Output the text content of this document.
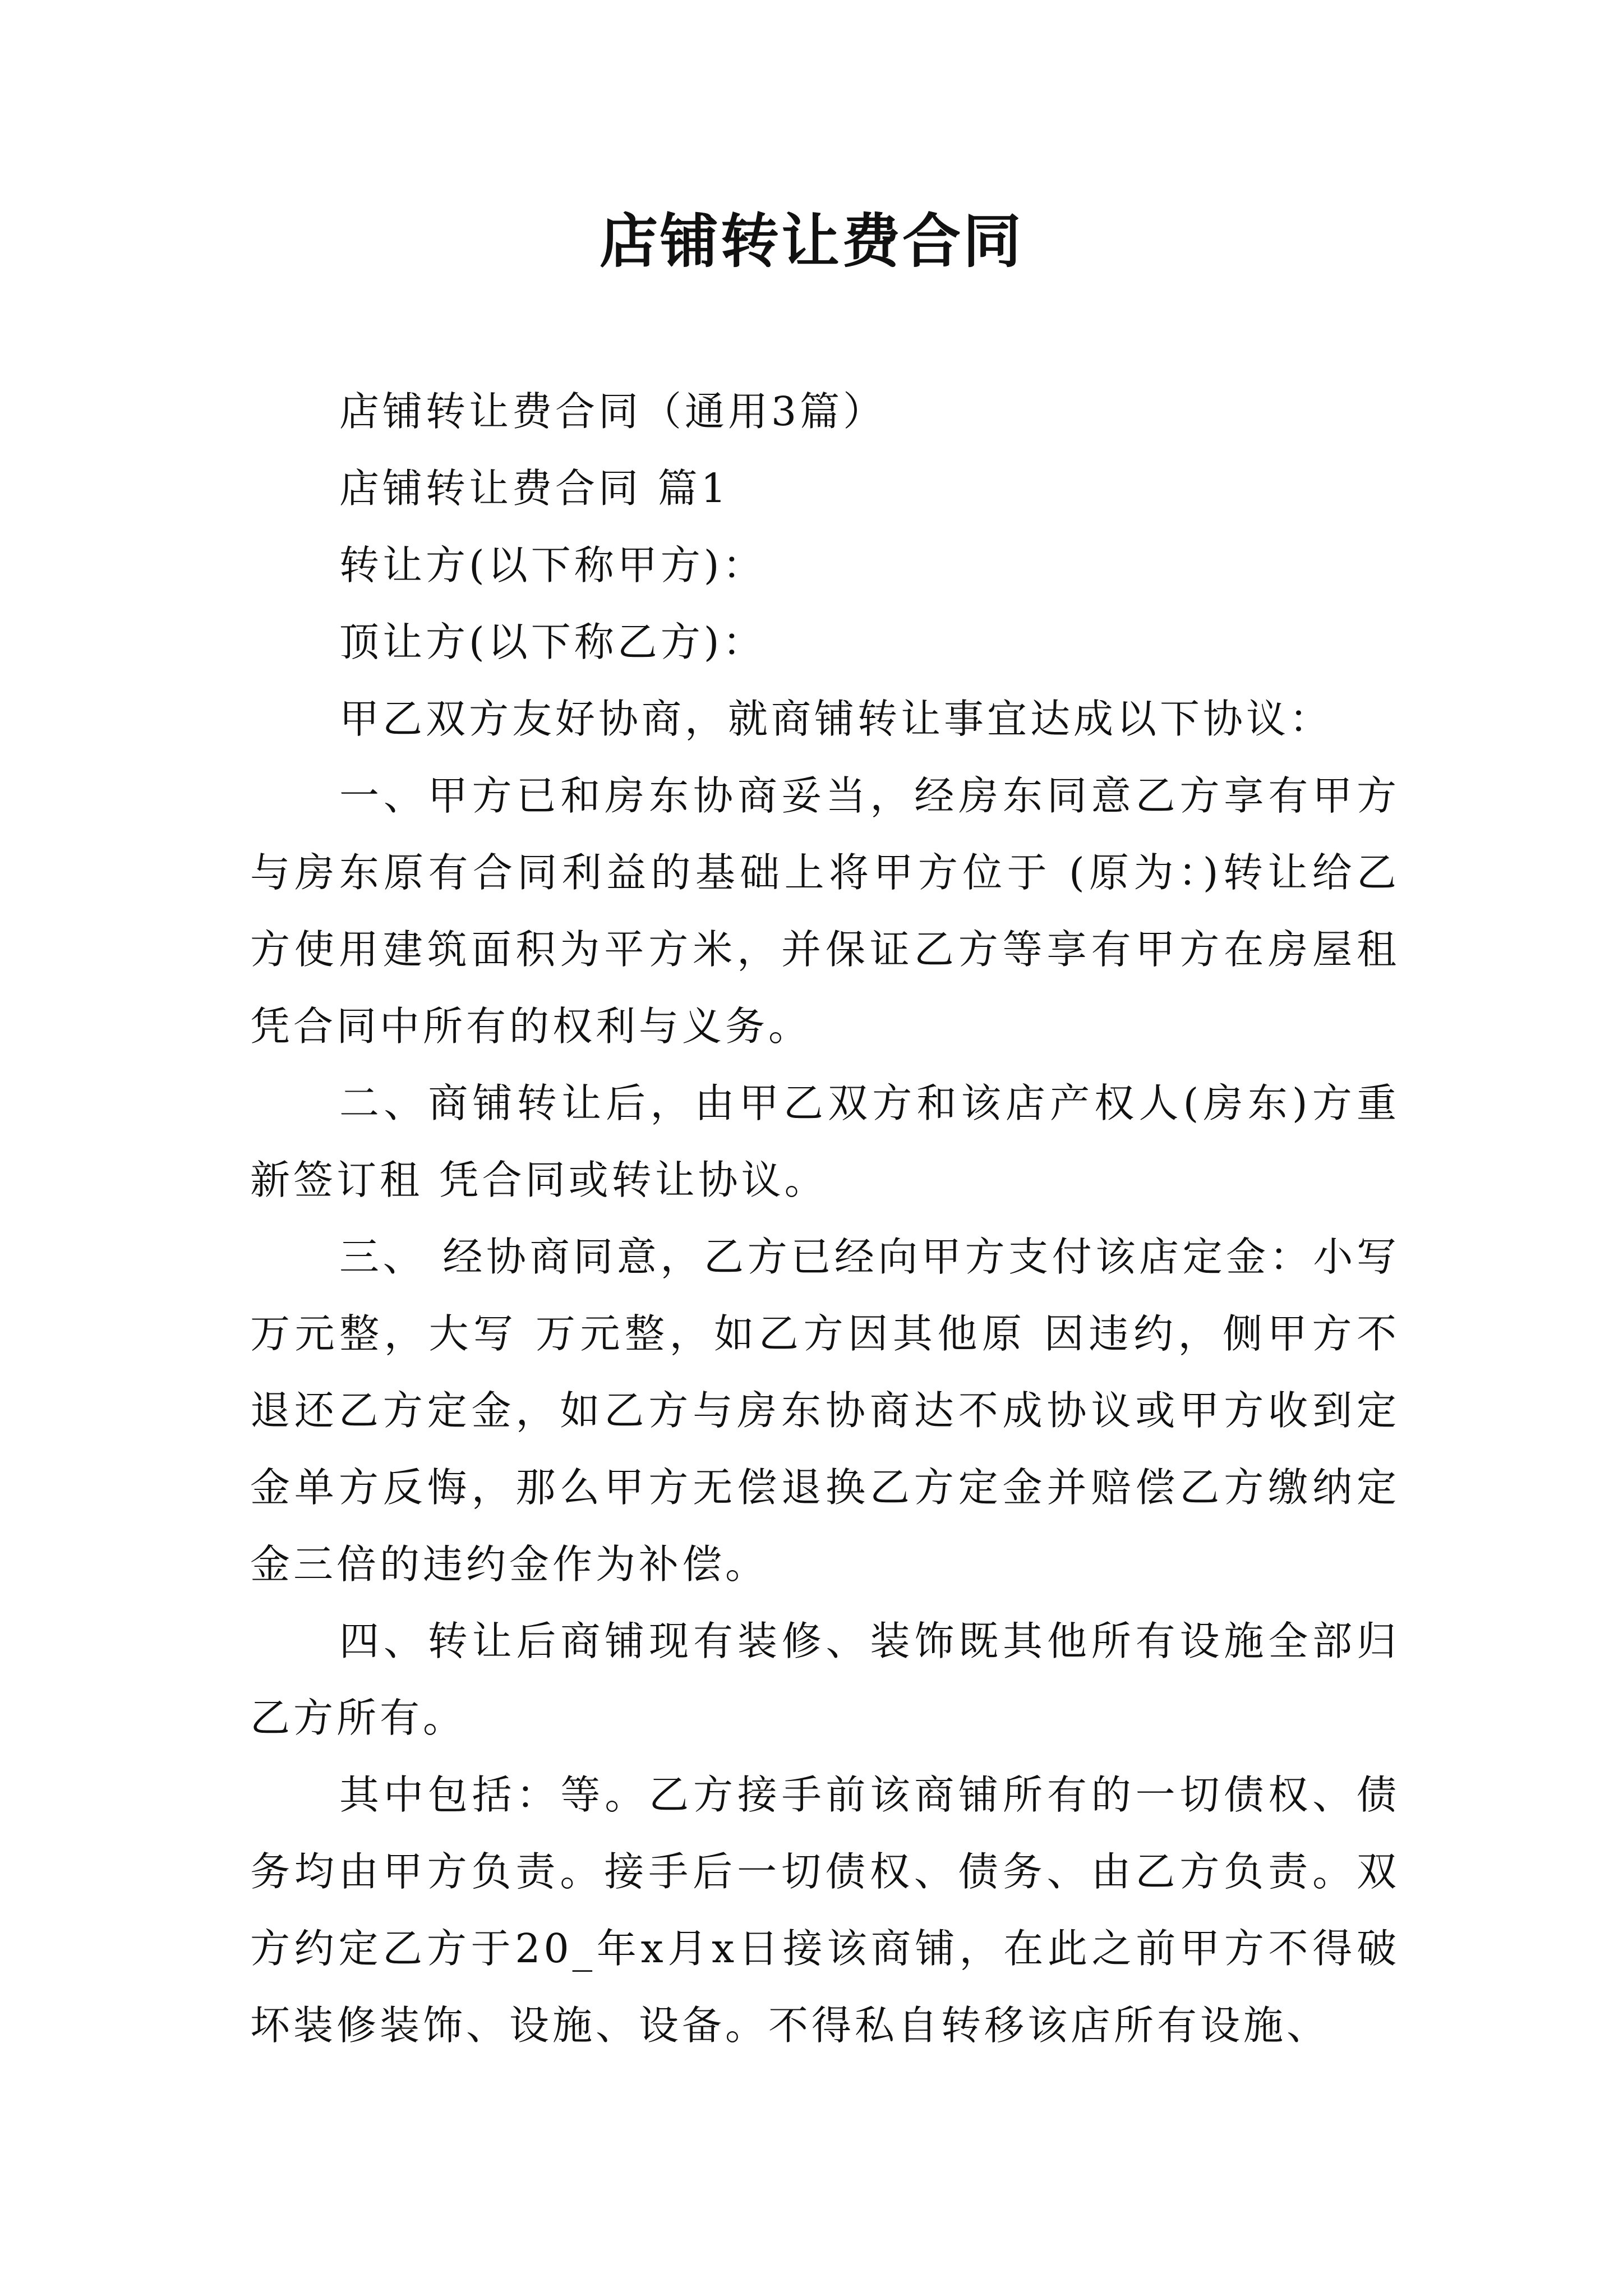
店铺转让费合同

店铺转让费合同（通用3篇）

店铺转让费合同 篇1

转让方(以下称甲方)：

顶让方(以下称乙方)：

甲乙双方友好协商，就商铺转让事宜达成以下协议：

一、甲方已和房东协商妥当，经房东同意乙方享有甲方与房东原有合同利益的基础上将甲方位于 (原为：)转让给乙方使用建筑面积为平方米，并保证乙方等享有甲方在房屋租凭合同中所有的权利与义务。

二、商铺转让后，由甲乙双方和该店产权人(房东)方重新签订租 凭合同或转让协议。

三、 经协商同意，乙方已经向甲方支付该店定金：小写万元整，大写 万元整，如乙方因其他原 因违约，侧甲方不退还乙方定金，如乙方与房东协商达不成协议或甲方收到定金单方反悔，那么甲方无偿退换乙方定金并赔偿乙方缴纳定金三倍的违约金作为补偿。

四、转让后商铺现有装修、装饰既其他所有设施全部归乙方所有。

其中包括：等。乙方接手前该商铺所有的一切债权、债务均由甲方负责。接手后一切债权、债务、由乙方负责。双方约定乙方于20_年x月x日接该商铺，在此之前甲方不得破坏装修装饰、设施、设备。不得私自转移该店所有设施、
